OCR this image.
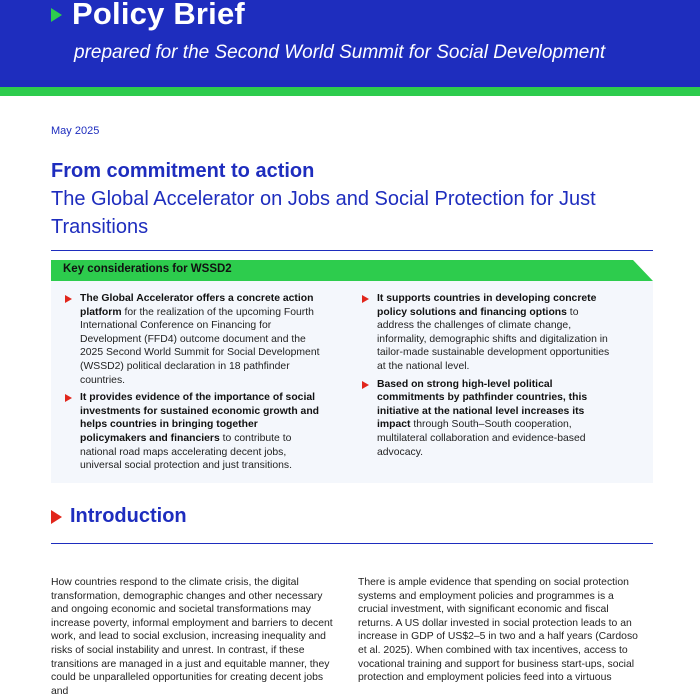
Policy Brief
prepared for the Second World Summit for Social Development
May 2025
From commitment to action
The Global Accelerator on Jobs and Social Protection for Just Transitions
Key considerations for WSSD2
The Global Accelerator offers a concrete action platform for the realization of the upcoming Fourth International Conference on Financing for Development (FFD4) outcome document and the 2025 Second World Summit for Social Development (WSSD2) political declaration in 18 pathfinder countries.
It provides evidence of the importance of social investments for sustained economic growth and helps countries in bringing together policymakers and financiers to contribute to national road maps accelerating decent jobs, universal social protection and just transitions.
It supports countries in developing concrete policy solutions and financing options to address the challenges of climate change, informality, demographic shifts and digitalization in tailor-made sustainable development opportunities at the national level.
Based on strong high-level political commitments by pathfinder countries, this initiative at the national level increases its impact through South–South cooperation, multilateral collaboration and evidence-based advocacy.
Introduction
How countries respond to the climate crisis, the digital transformation, demographic changes and other necessary and ongoing economic and societal transformations may increase poverty, informal employment and barriers to decent work, and lead to social exclusion, increasing inequality and risks of social instability and unrest. In contrast, if these transitions are managed in a just and equitable manner, they could be unparalleled opportunities for creating decent jobs and
There is ample evidence that spending on social protection systems and employment policies and programmes is a crucial investment, with significant economic and fiscal returns. A US dollar invested in social protection leads to an increase in GDP of US$2–5 in two and a half years (Cardoso et al. 2025). When combined with tax incentives, access to vocational training and support for business start-ups, social protection and employment policies feed into a virtuous
